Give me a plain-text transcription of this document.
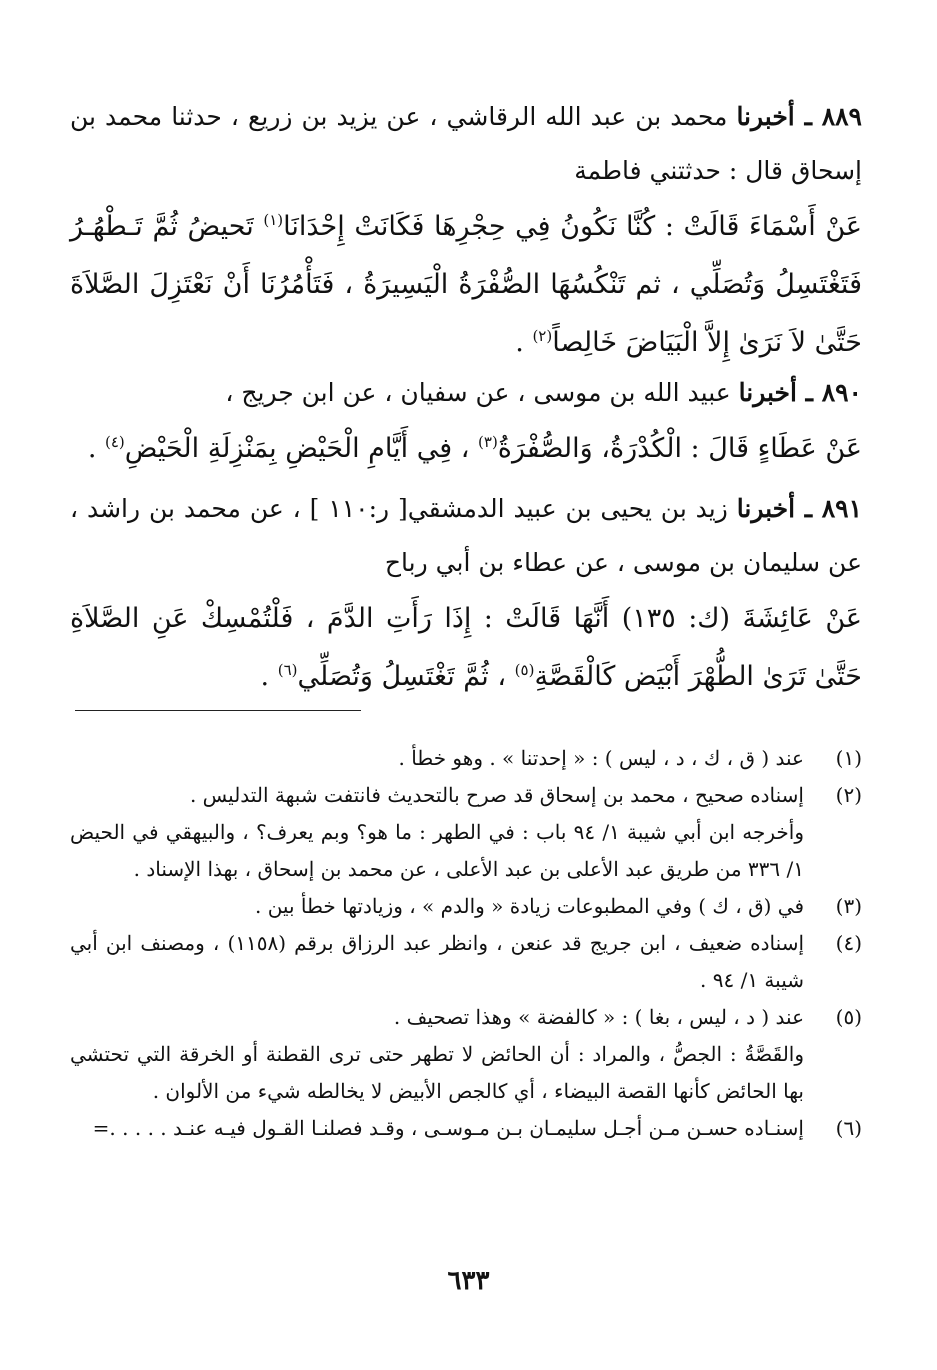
٨٨٩ ـ أخبرنا محمد بن عبد الله الرقاشي ، عن يزيد بن زريع ، حدثنا محمد بن إسحاق قال : حدثتني فاطمة
عَنْ أَسْمَاءَ قَالَتْ : كُنَّا نَكُونُ فِي حِجْرِهَا فَكَانَتْ إِحْدَانَا$^{(١)}$ تَحيضُ ثُمَّ تَـطْهُـرُ فَتَغْتَسِلُ وَتُصَلِّي ، ثم تَنْكُسُهَا الصُّفْرَةُ الْيَسِيرَةُ ، فَتَأْمُرُنَا أَنْ نَعْتَزِلَ الصَّلاَةَ حَتَّىٰ لاَ نَرَىٰ إِلاَّ الْبَيَاضَ خَالِصاً$^{(٢)}$ .
٨٩٠ ـ أخبرنا عبيد الله بن موسى ، عن سفيان ، عن ابن جريج ،
عَنْ عَطَاءٍ قَالَ : الْكُدْرَةُ، وَالصُّفْرَةُ$^{(٣)}$ ، فِي أَيَّامِ الْحَيْضِ بِمَنْزِلَةِ الْحَيْضِ$^{(٤)}$ .
٨٩١ ـ أخبرنا زيد بن يحيى بن عبيد الدمشقي[ ر:١١٠ ] ، عن محمد بن راشد ، عن سليمان بن موسى ، عن عطاء بن أبي رباح
عَنْ عَائِشَةَ (ك: ١٣٥) أَنَّهَا قَالَتْ : إِذَا رَأَتِ الدَّمَ ، فَلْتُمْسِكْ عَنِ الصَّلاَةِ حَتَّىٰ تَرَىٰ الطُّهْرَ أَبْيَض كَالْقَصَّةِ$^{(٥)}$ ، ثُمَّ تَغْتَسِلُ وَتُصَلِّي$^{(٦)}$ .
(١)
عند ( ق ، ك ، د ، ليس ) : « إحدتنا » . وهو خطأ .
(٢)
إسناده صحيح ، محمد بن إسحاق قد صرح بالتحديث فانتفت شبهة التدليس .
وأخرجه ابن أبي شيبة ١/ ٩٤ باب : في الطهر : ما هو؟ وبم يعرف؟ ، والبيهقي في الحيض ١/ ٣٣٦ من طريق عبد الأعلى بن عبد الأعلى ، عن محمد بن إسحاق ، بهذا الإسناد .
(٣)
في (ق ، ك ) وفي المطبوعات زيادة « والدم » ، وزيادتها خطأ بين .
(٤)
إسناده ضعيف ، ابن جريج قد عنعن ، وانظر عبد الرزاق برقم (١١٥٨) ، ومصنف ابن أبي شيبة ١/ ٩٤ .
(٥)
عند ( د ، ليس ، بغا ) : « كالفضة » وهذا تصحيف .
والقَصَّةُ : الجصُّ ، والمراد : أن الحائض لا تطهر حتى ترى القطنة أو الخرقة التي تحتشي بها الحائض كأنها القصة البيضاء ، أي كالجص الأبيض لا يخالطه شيء من الألوان .
(٦)
إسنـاده حسـن مـن أجـل سليمـان بـن مـوسـى ، وقـد فصلنـا القـول فيـه عنـد . . . . .=
٦٣٣
